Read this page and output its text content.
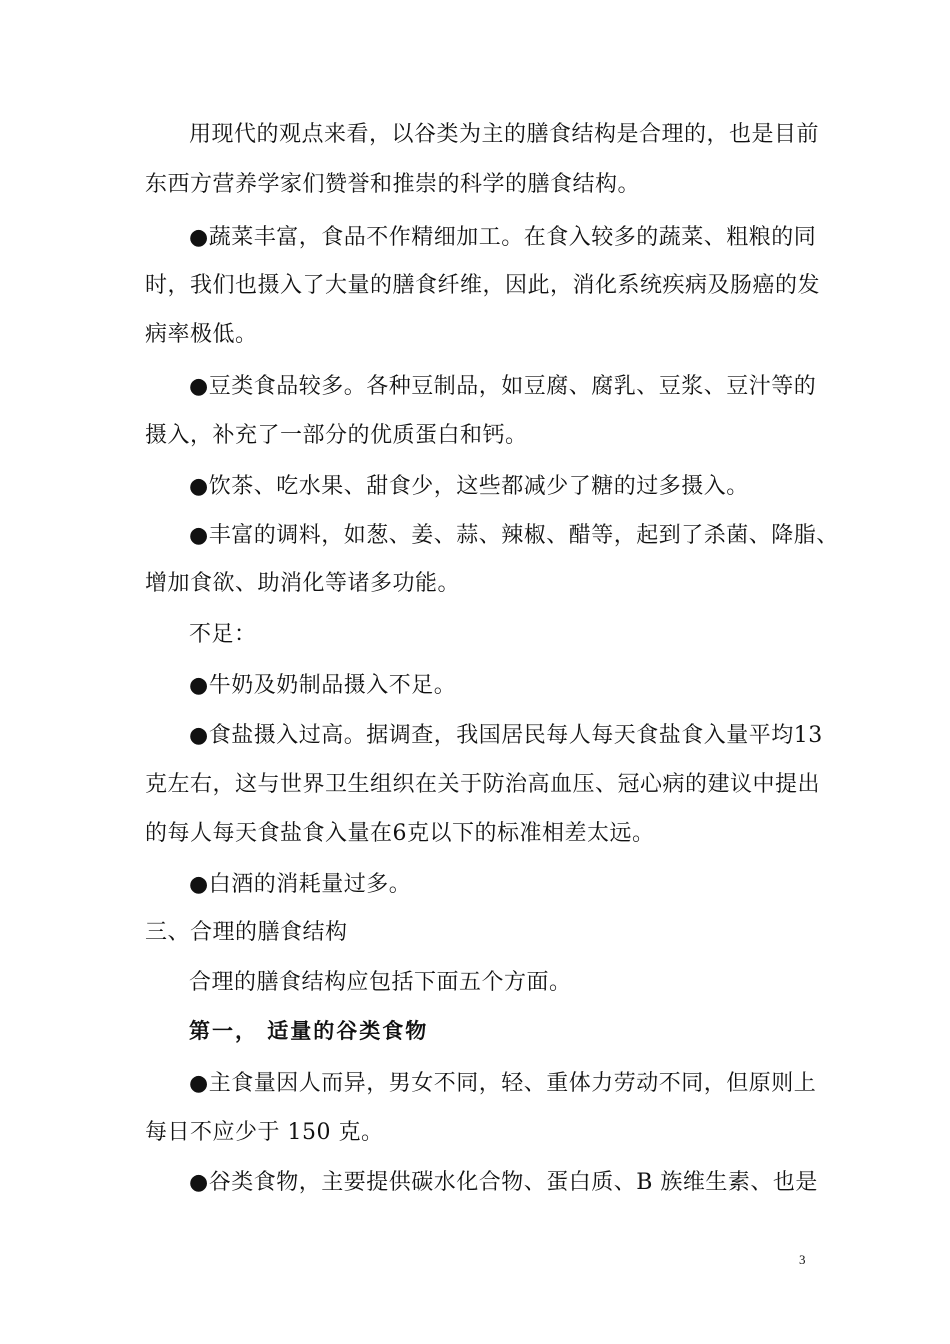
用现代的观点来看，以谷类为主的膳食结构是合理的，也是目前
东西方营养学家们赞誉和推崇的科学的膳食结构。
●蔬菜丰富，食品不作精细加工。在食入较多的蔬菜、粗粮的同
时，我们也摄入了大量的膳食纤维，因此，消化系统疾病及肠癌的发
病率极低。
●豆类食品较多。各种豆制品，如豆腐、腐乳、豆浆、豆汁等的
摄入，补充了一部分的优质蛋白和钙。
●饮茶、吃水果、甜食少，这些都减少了糖的过多摄入。
●丰富的调料，如葱、姜、蒜、辣椒、醋等，起到了杀菌、降脂、
增加食欲、助消化等诸多功能。
不足：
●牛奶及奶制品摄入不足。
●食盐摄入过高。据调查，我国居民每人每天食盐食入量平均13
克左右，这与世界卫生组织在关于防治高血压、冠心病的建议中提出
的每人每天食盐食入量在6克以下的标准相差太远。
●白酒的消耗量过多。
三、合理的膳食结构
合理的膳食结构应包括下面五个方面。
第一， 适量的谷类食物
●主食量因人而异，男女不同，轻、重体力劳动不同，但原则上
每日不应少于 150 克。
●谷类食物，主要提供碳水化合物、蛋白质、B 族维生素、也是
3
